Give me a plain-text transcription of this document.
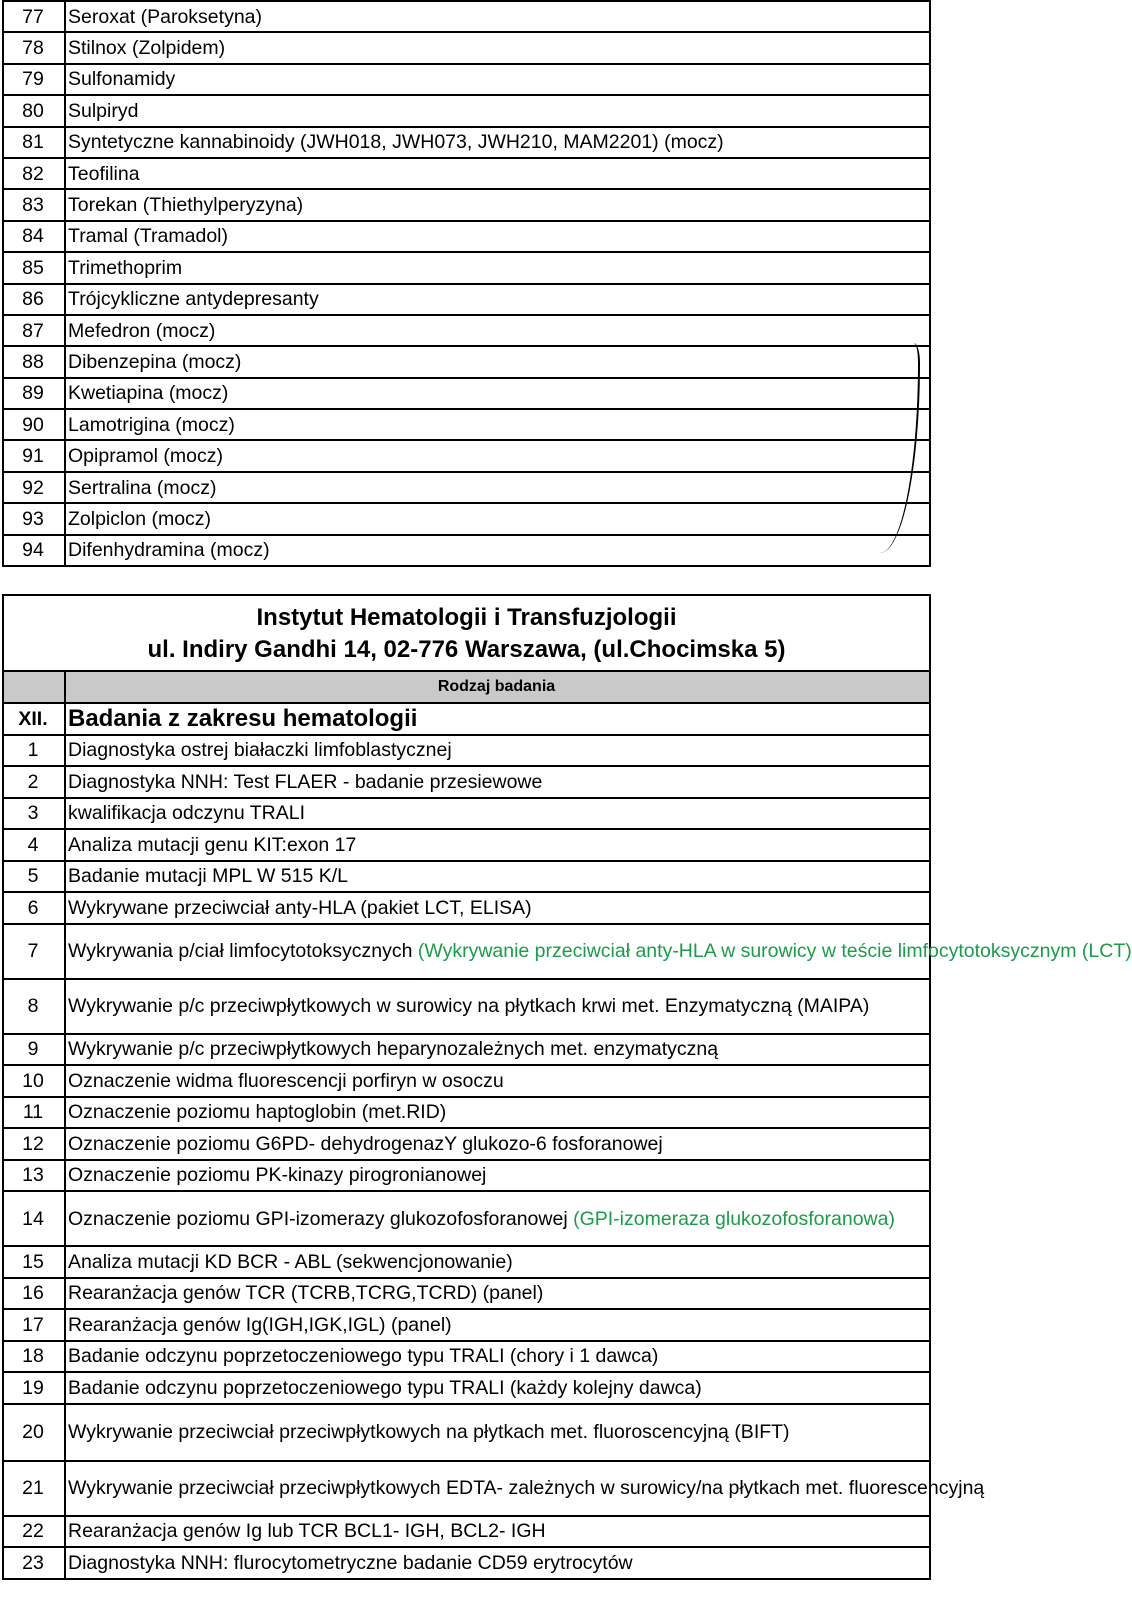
77	Seroxat (Paroksetyna)	
78	Stilnox (Zolpidem)	
79	Sulfonamidy	
80	Sulpiryd	
81	Syntetyczne kannabinoidy (JWH018, JWH073, JWH210, MAM2201) (mocz)	
82	Teofilina	
83	Torekan (Thiethylperyzyna)	
84	Tramal (Tramadol)	
85	Trimethoprim	
86	Trójcykliczne antydepresanty	
87	Mefedron (mocz)	
88	Dibenzepina (mocz)	
89	Kwetiapina (mocz)	
90	Lamotrigina (mocz)	
91	Opipramol (mocz)	
92	Sertralina (mocz)	
93	Zolpiclon (mocz)	
94	Difenhydramina (mocz)	
Instytut Hematologii i Transfuzjologii
ul. Indiry Gandhi 14, 02-776 Warszawa, (ul.Chocimska 5)	

	Rodzaj badania
XII.	Badania z zakresu hematologii
1	Diagnostyka ostrej białaczki limfoblastycznej
2	Diagnostyka NNH: Test FLAER - badanie przesiewowe
3	kwalifikacja odczynu TRALI
4	Analiza mutacji genu KIT:exon 17
5	Badanie mutacji MPL W 515 K/L
6	Wykrywane przeciwciał anty-HLA (pakiet LCT, ELISA)
7	Wykrywania p/ciał limfocytotoksycznych (Wykrywanie przeciwciał anty-HLA w surowicy w teście limfocytotoksycznym (LCT)
8	Wykrywanie p/c przeciwpłytkowych w surowicy na płytkach krwi met. Enzymatyczną (MAIPA)
9	Wykrywanie p/c przeciwpłytkowych heparynozależnych met. enzymatyczną
10	Oznaczenie widma fluorescencji porfiryn w osoczu
11	Oznaczenie poziomu haptoglobin (met.RID)
12	Oznaczenie poziomu G6PD- dehydrogenazY glukozo-6 fosforanowej
13	Oznaczenie poziomu PK-kinazy pirogronianowej
14	Oznaczenie poziomu GPI-izomerazy glukozofosforanowej (GPI-izomeraza glukozofosforanowa)
15	Analiza mutacji KD BCR - ABL (sekwencjonowanie)
16	Rearanżacja genów TCR (TCRB,TCRG,TCRD) (panel)
17	Rearanżacja genów Ig(IGH,IGK,IGL) (panel)
18	Badanie odczynu poprzetoczeniowego typu TRALI (chory i 1 dawca)
19	Badanie odczynu poprzetoczeniowego typu TRALI (każdy kolejny dawca)
20	Wykrywanie przeciwciał przeciwpłytkowych na płytkach met. fluoroscencyjną (BIFT)
21	Wykrywanie przeciwciał przeciwpłytkowych EDTA- zależnych w surowicy/na płytkach met. fluorescencyjną
22	Rearanżacja genów Ig lub TCR BCL1- IGH, BCL2- IGH
23	Diagnostyka NNH: flurocytometryczne badanie CD59 erytrocytów
